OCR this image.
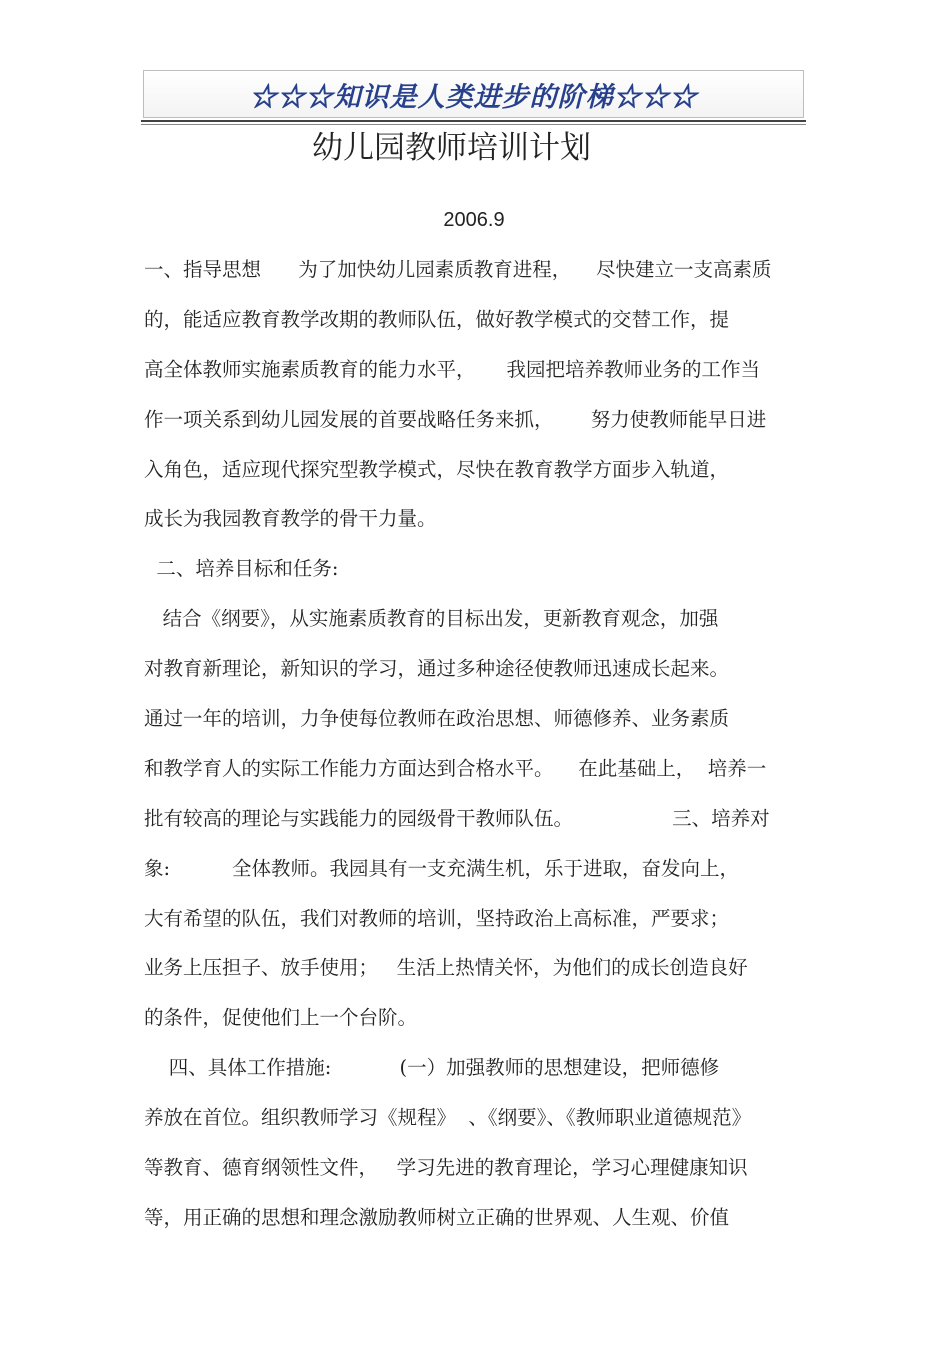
☆☆☆知识是人类进步的阶梯☆☆☆
幼儿园教师培训计划
2006.9
一、指导思想      为了加快幼儿园素质教育进程，    尽快建立一支高素质
的，能适应教育教学改期的教师队伍，做好教学模式的交替工作，提
高全体教师实施素质教育的能力水平，     我园把培养教师业务的工作当
作一项关系到幼儿园发展的首要战略任务来抓，      努力使教师能早日进
入角色，适应现代探究型教学模式，尽快在教育教学方面步入轨道，
成长为我园教育教学的骨干力量。
二、培养目标和任务:
结合《纲要》，从实施素质教育的目标出发，更新教育观念，加强
对教育新理论，新知识的学习，通过多种途径使教师迅速成长起来。
通过一年的培训，力争使每位教师在政治思想、师德修养、业务素质
和教学育人的实际工作能力方面达到合格水平。    在此基础上，  培养一
批有较高的理论与实践能力的园级骨干教师队伍。                三、培养对
象:          全体教师。我园具有一支充满生机，乐于进取，奋发向上，
大有希望的队伍，我们对教师的培训，坚持政治上高标准，严要求；
业务上压担子、放手使用；   生活上热情关怀，为他们的成长创造良好
的条件，促使他们上一个台阶。
四、具体工作措施:           (一）加强教师的思想建设，把师德修
养放在首位。组织教师学习《规程》  、《纲要》、《教师职业道德规范》
等教育、德育纲领性文件，   学习先进的教育理论，学习心理健康知识
等，用正确的思想和理念激励教师树立正确的世界观、人生观、价值
